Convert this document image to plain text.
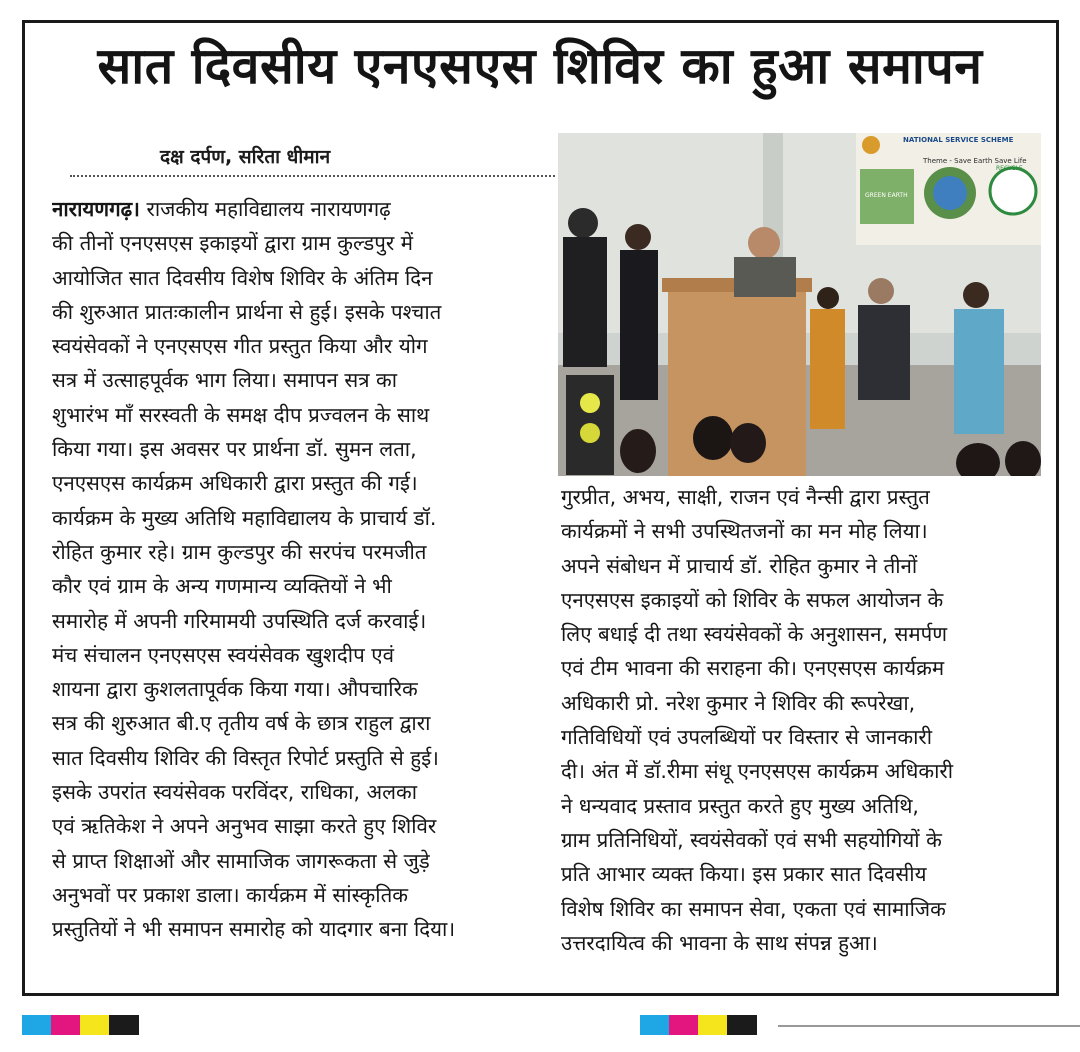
सात दिवसीय एनएसएस शिविर का हुआ समापन
दक्ष दर्पण, सरिता धीमान
नारायणगढ़। राजकीय महाविद्यालय नारायणगढ़
की तीनों एनएसएस इकाइयों द्वारा ग्राम कुल्डपुर में
आयोजित सात दिवसीय विशेष शिविर के अंतिम दिन
की शुरुआत प्रातःकालीन प्रार्थना से हुई। इसके पश्चात
स्वयंसेवकों ने एनएसएस गीत प्रस्तुत किया और योग
सत्र में उत्साहपूर्वक भाग लिया। समापन सत्र का
शुभारंभ माँ सरस्वती के समक्ष दीप प्रज्वलन के साथ
किया गया। इस अवसर पर प्रार्थना डॉ. सुमन लता,
एनएसएस कार्यक्रम अधिकारी द्वारा प्रस्तुत की गई।
कार्यक्रम के मुख्य अतिथि महाविद्यालय के प्राचार्य डॉ.
रोहित कुमार रहे। ग्राम कुल्डपुर की सरपंच परमजीत
कौर एवं ग्राम के अन्य गणमान्य व्यक्तियों ने भी
समारोह में अपनी गरिमामयी उपस्थिति दर्ज करवाई।
मंच संचालन एनएसएस स्वयंसेवक खुशदीप एवं
शायना द्वारा कुशलतापूर्वक किया गया। औपचारिक
सत्र की शुरुआत बी.ए तृतीय वर्ष के छात्र राहुल द्वारा
सात दिवसीय शिविर की विस्तृत रिपोर्ट प्रस्तुति से हुई।
इसके उपरांत स्वयंसेवक परविंदर, राधिका, अलका
एवं ऋतिकेश ने अपने अनुभव साझा करते हुए शिविर
से प्राप्त शिक्षाओं और सामाजिक जागरूकता से जुड़े
अनुभवों पर प्रकाश डाला। कार्यक्रम में सांस्कृतिक
प्रस्तुतियों ने भी समापन समारोह को यादगार बना दिया।
NATIONAL SERVICE SCHEME
Theme - Save Earth Save Life
GREEN EARTH
RECYCLE
गुरप्रीत, अभय, साक्षी, राजन एवं नैन्सी द्वारा प्रस्तुत
कार्यक्रमों ने सभी उपस्थितजनों का मन मोह लिया।
अपने संबोधन में प्राचार्य डॉ. रोहित कुमार ने तीनों
एनएसएस इकाइयों को शिविर के सफल आयोजन के
लिए बधाई दी तथा स्वयंसेवकों के अनुशासन, समर्पण
एवं टीम भावना की सराहना की। एनएसएस कार्यक्रम
अधिकारी प्रो. नरेश कुमार ने शिविर की रूपरेखा,
गतिविधियों एवं उपलब्धियों पर विस्तार से जानकारी
दी। अंत में डॉ.रीमा संधू एनएसएस कार्यक्रम अधिकारी
ने धन्यवाद प्रस्ताव प्रस्तुत करते हुए मुख्य अतिथि,
ग्राम प्रतिनिधियों, स्वयंसेवकों एवं सभी सहयोगियों के
प्रति आभार व्यक्त किया। इस प्रकार सात दिवसीय
विशेष शिविर का समापन सेवा, एकता एवं सामाजिक
उत्तरदायित्व की भावना के साथ संपन्न हुआ।
